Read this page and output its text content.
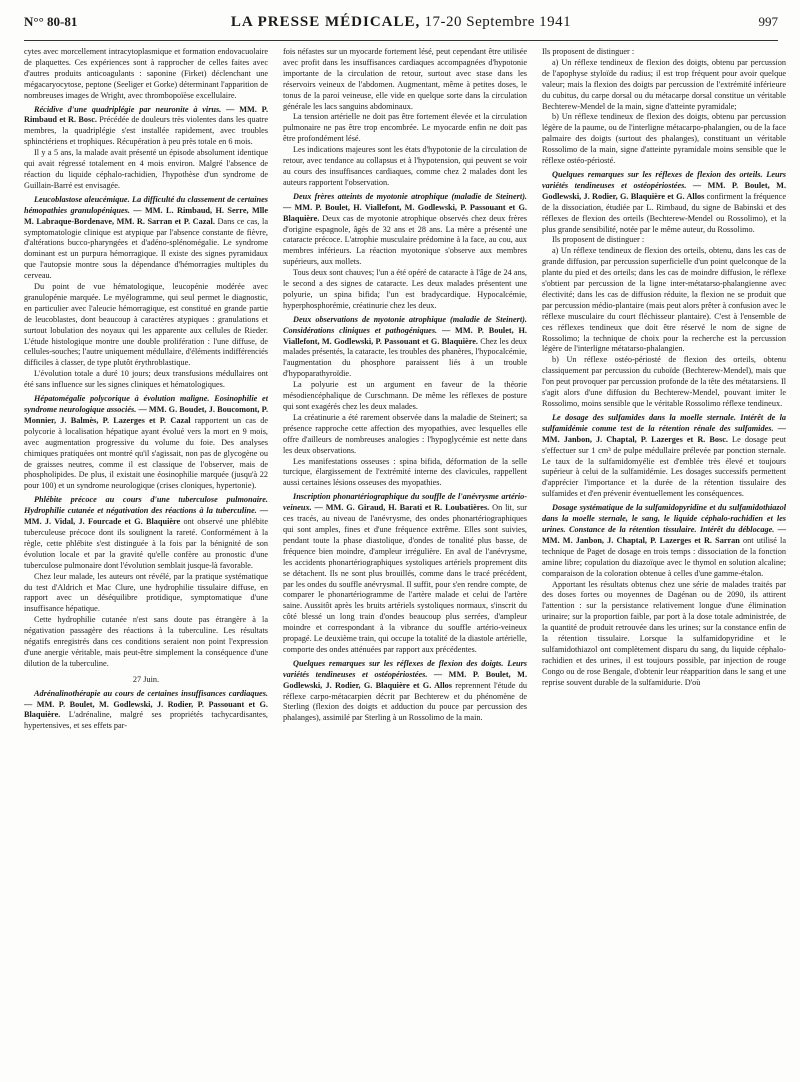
N°° 80-81	LA PRESSE MÉDICALE, 17-20 Septembre 1941	997

cytes avec morcellement intracytoplasmique et formation endovacuolaire de plaquettes. Ces expériences sont à rapprocher de celles faites avec d'autres produits anticoagulants : saponine (Firket) déclenchant une mégacaryocytose, peptone (Seeliger et Gorke) déterminant l'apparition de nombreuses images de Wright, avec thrombopoïèse excellulaire.

Récidive d'une quadriplégie par neuronite à virus. — MM. P. Rimbaud et R. Bosc. Précédée de douleurs très violentes dans les quatre membres, la quadriplégie s'est installée rapidement, avec troubles sphinctériens et trophiques. Récupération à peu près totale en 6 mois.

Il y a 5 ans, la malade avait présenté un épisode absolument identique qui avait régressé totalement en 4 mois environ. Malgré l'absence de réaction du liquide céphalo-rachidien, l'hypothèse d'un syndrome de Guillain-Barré est envisagée.

Leucoblastose aleucémique. La difficulté du classement de certaines hémopathies granulopéniques. — MM. L. Rimbaud, H. Serre, Mlle M. Labraque-Bordenave, MM. R. Sarran et P. Cazal. Dans ce cas, la symptomatologie clinique est atypique par l'absence constante de fièvre, d'altérations bucco-pharyngées et d'adéno-splénomégalie. Le syndrome dominant est un purpura hémorragique. Il existe des signes pyramidaux que l'autopsie montre sous la dépendance d'hémorragies multiples du cerveau.

Du point de vue hématologique, leucopénie modérée avec granulopénie marquée. Le myélogramme, qui seul permet le diagnostic, en particulier avec l'aleucie hémorragique, est constitué en grande partie de leucoblastes, dont beaucoup à caractères atypiques : granulations et surtout lobulation des noyaux qui les apparente aux cellules de Rieder. L'étude histologique montre une double prolifération : l'une diffuse, de cellules-souches; l'autre uniquement médullaire, d'éléments indifférenciés difficiles à classer, de type plutôt érythroblastique.

L'évolution totale a duré 10 jours; deux transfusions médullaires ont été sans influence sur les signes cliniques et hématologiques.

Hépatomégalie polycorique à évolution maligne. Eosinophilie et syndrome neurologique associés. — MM. G. Boudet, J. Boucomont, P. Monnier, J. Balmès, P. Lazerges et P. Cazal rapportent un cas de polycorie à localisation hépatique ayant évolué vers la mort en 9 mois, avec augmentation progressive du volume du foie. Des analyses chimiques pratiquées ont montré qu'il s'agissait, non pas de glycogène ou de graisses neutres, comme il est classique de l'observer, mais de phospholipides. De plus, il existait une éosinophilie marquée (jusqu'à 22 pour 100) et un syndrome neurologique (crises cloniques, hypertonie).

Phlébite précoce au cours d'une tuberculose pulmonaire. Hydrophilie cutanée et négativation des réactions à la tuberculine. — MM. J. Vidal, J. Fourcade et G. Blaquière ont observé une phlébite tuberculeuse précoce dont ils soulignent la rareté. Conformément à la règle, cette phlébite s'est distinguée à la fois par la bénignité de son évolution locale et par la gravité qu'elle confère au pronostic d'une tuberculose pulmonaire dont l'évolution semblait jusque-là favorable.

Chez leur malade, les auteurs ont révélé, par la pratique systématique du test d'Aldrich et Mac Clure, une hydrophilie tissulaire diffuse, en rapport avec un déséquilibre protidique, symptomatique d'une insuffisance hépatique.

Cette hydrophilie cutanée n'est sans doute pas étrangère à la négativation passagère des réactions à la tuberculine. Les résultats négatifs enregistrés dans ces conditions seraient non point l'expression d'une anergie véritable, mais peut-être simplement la conséquence d'une dilution de la tuberculine.

27 Juin.

Adrénalinothérapie au cours de certaines insuffisances cardiaques. — MM. P. Boulet, M. Godlewski, J. Rodier, P. Passouant et G. Blaquière. L'adrénaline, malgré ses propriétés tachycardisantes, hypertensives, et ses effets par-

fois néfastes sur un myocarde fortement lésé, peut cependant être utilisée avec profit dans les insuffisances cardiaques accompagnées d'hypotonie importante de la circulation de retour, surtout avec stase dans les réservoirs veineux de l'abdomen. Augmentant, même à petites doses, le tonus de la paroi veineuse, elle vide en quelque sorte dans la circulation générale les lacs sanguins abdominaux.

La tension artérielle ne doit pas être fortement élevée et la circulation pulmonaire ne pas être trop encombrée. Le myocarde enfin ne doit pas être profondément lésé.

Les indications majeures sont les états d'hypotonie de la circulation de retour, avec tendance au collapsus et à l'hypotension, qui peuvent se voir au cours des insuffisances cardiaques, comme chez 2 malades dont les auteurs rapportent l'observation.

Deux frères atteints de myotonie atrophique (maladie de Steinert). — MM. P. Boulet, H. Viallefont, M. Godlewski, P. Passouant et G. Blaquière. Deux cas de myotonie atrophique observés chez deux frères d'origine espagnole, âgés de 32 ans et 28 ans. La mère a présenté une cataracte précoce. L'atrophie musculaire prédomine à la face, au cou, aux membres inférieurs. La réaction myotonique s'observe aux membres supérieurs, aux mollets.

Tous deux sont chauves; l'un a été opéré de cataracte à l'âge de 24 ans, le second a des signes de cataracte. Les deux malades présentent une polyurie, un spina bifida; l'un est bradycardique. Hypocalcémie, hyperphosphorémie, créatinurie chez les deux.

Deux observations de myotonie atrophique (maladie de Steinert). Considérations cliniques et pathogéniques. — MM. P. Boulet, H. Viallefont, M. Godlewski, P. Passouant et G. Blaquière. Chez les deux malades présentés, la cataracte, les troubles des phanères, l'hypocalcémie, l'augmentation du phosphore paraissent liés à un trouble d'hypoparathyroïdie.

La polyurie est un argument en faveur de la théorie mésodiencéphalique de Curschmann. De même les réflexes de posture qui sont exagérés chez les deux malades.

La créatinurie a été rarement observée dans la maladie de Steinert; sa présence rapproche cette affection des myopathies, avec lesquelles elle offre d'ailleurs de nombreuses analogies : l'hypoglycémie est nette dans les deux observations.

Les manifestations osseuses : spina bifida, déformation de la selle turcique, élargissement de l'extrémité interne des clavicules, rappellent aussi certaines lésions osseuses des myopathies.

Inscription phonartériographique du souffle de l'anévrysme artério-veineux. — MM. G. Giraud, H. Barati et R. Loubatières. On lit, sur ces tracés, au niveau de l'anévrysme, des ondes phonartériographiques qui sont amples, fines et d'une fréquence extrême. Elles sont suivies, pendant toute la phase diastolique, d'ondes de tonalité plus basse, de fréquence bien moindre, d'ampleur irrégulière. En aval de l'anévrysme, les accidents phonartériographiques systoliques artériels proprement dits se détachent. Ils ne sont plus brouillés, comme dans le tracé précédent, par les ondes du souffle anévrysmal. Il suffit, pour s'en rendre compte, de comparer le phonartériogramme de l'artère malade et celui de l'artère saine. Aussitôt après les bruits artériels systoliques normaux, s'inscrit du côté blessé un long train d'ondes beaucoup plus serrées, d'ampleur moindre et correspondant à la vibrance du souffle artério-veineux propagé. Le deuxième train, qui occupe la totalité de la diastole artérielle, comporte des ondes atténuées par rapport aux précédentes.

Quelques remarques sur les réflexes de flexion des doigts. Leurs variétés tendineuses et ostéopériostées. — MM. P. Boulet, M. Godlewski, J. Rodier, G. Blaquière et G. Allos reprennent l'étude du réflexe carpo-métacarpien décrit par Bechterew et du phénomène de Sterling (flexion des doigts et adduction du pouce par percussion des phalanges), assimilé par Sterling à un Rossolimo de la main.

Ils proposent de distinguer :

a) Un réflexe tendineux de flexion des doigts, obtenu par percussion de l'apophyse styloïde du radius; il est trop fréquent pour avoir quelque valeur; mais la flexion des doigts par percussion de l'extrémité inférieure du cubitus, du carpe dorsal ou du métacarpe dorsal constitue un véritable Bechterew-Mendel de la main, signe d'atteinte pyramidale;

b) Un réflexe tendineux de flexion des doigts, obtenu par percussion légère de la paume, ou de l'interligne métacarpo-phalangien, ou de la face palmaire des doigts (surtout des phalanges), constituant un véritable Rossolimo de la main, signe d'atteinte pyramidale moins sensible que le réflexe ostéo-périosté.

Quelques remarques sur les réflexes de flexion des orteils. Leurs variétés tendineuses et ostéopériostées. — MM. P. Boulet, M. Godlewski, J. Rodier, G. Blaquière et G. Allos confirment la fréquence de la dissociation, étudiée par L. Rimbaud, du signe de Babinski et des réflexes de flexion des orteils (Bechterew-Mendel ou Rossolimo), et la plus grande sensibilité, notée par le même auteur, du Rossolimo.

Ils proposent de distinguer :

a) Un réflexe tendineux de flexion des orteils, obtenu, dans les cas de grande diffusion, par percussion superficielle d'un point quelconque de la plante du pied et des orteils; dans les cas de moindre diffusion, le réflexe s'obtient par percussion de la ligne inter-métatarso-phalangienne avec électivité; dans les cas de diffusion réduite, la flexion ne se produit que par percussion médio-plantaire (mais peut alors prêter à confusion avec le réflexe musculaire du court fléchisseur plantaire). C'est à l'ensemble de ces réflexes tendineux que doit être réservé le nom de signe de Rossolimo; la technique de choix pour la recherche est la percussion légère de l'interligne métatarso-phalangien.

b) Un réflexe ostéo-périosté de flexion des orteils, obtenu classiquement par percussion du cuboïde (Bechterew-Mendel), mais que l'on peut provoquer par percussion profonde de la tête des métatarsiens. Il s'agit alors d'une diffusion du Bechterew-Mendel, pouvant imiter le Rossolimo, moins sensible que le véritable Rossolimo réflexe tendineux.

Le dosage des sulfamides dans la moelle sternale. Intérêt de la sulfamidémie comme test de la rétention rénale des sulfamides. — MM. Janbon, J. Chaptal, P. Lazerges et R. Bosc. Le dosage peut s'effectuer sur 1 cm³ de pulpe médullaire prélevée par ponction sternale. Le taux de la sulfamidomyélie est d'emblée très élevé et toujours supérieur à celui de la sulfamidémie. Les dosages successifs permettent d'apprécier l'importance et la durée de la rétention tissulaire des sulfamides et d'en prévenir éventuellement les conséquences.

Dosage systématique de la sulfamidopyridine et du sulfamidothiazol dans la moelle sternale, le sang, le liquide céphalo-rachidien et les urines. Constance de la rétention tissulaire. Intérêt du déblocage. — MM. M. Janbon, J. Chaptal, P. Lazerges et R. Sarran ont utilisé la technique de Paget de dosage en trois temps : dissociation de la fonction amine libre; copulation du diazoïque avec le thymol en solution alcaline; comparaison de la coloration obtenue à celles d'une gamme-étalon.

Apportant les résultats obtenus chez une série de malades traités par des doses fortes ou moyennes de Dagénan ou de 2090, ils attirent l'attention : sur la persistance relativement longue d'une élimination urinaire; sur la proportion faible, par port à la dose totale administrée, de la quantité de produit retrouvée dans les urines; sur la constance enfin de la rétention tissulaire. Lorsque la sulfamidopyridine et le sulfamidothiazol ont complètement disparu du sang, du liquide céphalo-rachidien et des urines, il est toujours possible, par injection de rouge Congo ou de rose Bengale, d'obtenir leur réapparition dans le sang et une reprise souvent durable de la sulfamidurie. D'où
